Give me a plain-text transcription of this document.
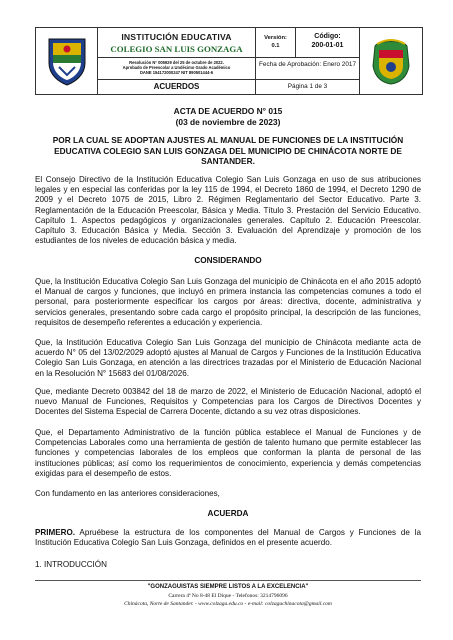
INSTITUCIÓN EDUCATIVA
COLEGIO SAN LUIS GONZAGA
Resolución N° 005929 del 25 de octubre de 2022.
Aprobado de Preescolar a Undécimo Grado Académico
DANE 154172000247 NIT 890501444-6
ACUERDOS
Versión:
0.1
Código:
200-01-01
Fecha de Aprobación: Enero 2017
Página 1 de 3
ACTA DE ACUERDO N° 015
(03 de noviembre de 2023)
POR LA CUAL SE ADOPTAN AJUSTES AL MANUAL DE FUNCIONES DE LA INSTITUCIÓN EDUCATIVA COLEGIO SAN LUIS GONZAGA DEL MUNICIPIO DE CHINÁCOTA NORTE DE SANTANDER.
El Consejo Directivo de la Institución Educativa Colegio San Luis Gonzaga en uso de sus atribuciones legales y en especial las conferidas por la ley 115 de 1994, el Decreto 1860 de 1994, el Decreto 1290 de 2009 y el Decreto 1075 de 2015, Libro 2. Régimen Reglamentario del Sector Educativo. Parte 3. Reglamentación de la Educación Preescolar, Básica y Media. Título 3. Prestación del Servicio Educativo. Capítulo 1. Aspectos pedagógicos y organizacionales generales. Capítulo 2. Educación Preescolar. Capítulo 3. Educación Básica y Media. Sección 3. Evaluación del Aprendizaje y promoción de los estudiantes de los niveles de educación básica y media.
CONSIDERANDO
Que, la Institución Educativa Colegio San Luis Gonzaga del municipio de Chinácota en el año 2015 adoptó el Manual de cargos y funciones, que incluyó en primera instancia las competencias comunes a todo el personal, para posteriormente especificar los cargos por áreas: directiva, docente, administrativa y servicios generales, presentando sobre cada cargo el propósito principal, la descripción de las funciones, requisitos de desempeño referentes a educación y experiencia.
Que, la Institución Educativa Colegio San Luis Gonzaga del municipio de Chinácota mediante acta de acuerdo N° 05 del 13/02/2029 adoptó ajustes al Manual de Cargos y Funciones de la Institución Educativa Colegio San Luis Gonzaga, en atención a las directrices trazadas por el Ministerio de Educación Nacional en la Resolución N° 15683 del 01/08/2026.
Que, mediante Decreto 003842 del 18 de marzo de 2022, el Ministerio de Educación Nacional, adoptó el nuevo Manual de Funciones, Requisitos y Competencias para los Cargos de Directivos Docentes y Docentes del Sistema Especial de Carrera Docente, dictando a su vez otras disposiciones.
Que, el Departamento Administrativo de la función pública establece el Manual de Funciones y de Competencias Laborales como una herramienta de gestión de talento humano que permite establecer las funciones y competencias laborales de los empleos que conforman la planta de personal de las instituciones públicas; así como los requerimientos de conocimiento, experiencia y demás competencias exigidas para el desempeño de estos.
Con fundamento en las anteriores consideraciones,
ACUERDA
PRIMERO. Apruébese la estructura de los componentes del Manual de Cargos y Funciones de la Institución Educativa Colegio San Luis Gonzaga, definidos en el presente acuerdo.
1. INTRODUCCIÓN
"GONZAGUISTAS SIEMPRE LISTOS A LA EXCELENCIA"
Carrera 4ª No 8-48 El Dique - Telefonos: 3214796096
Chinácota, Norte de Santander. - www.colzaga.edu.co - e-mail: colzaguchinacota@gmail.com
